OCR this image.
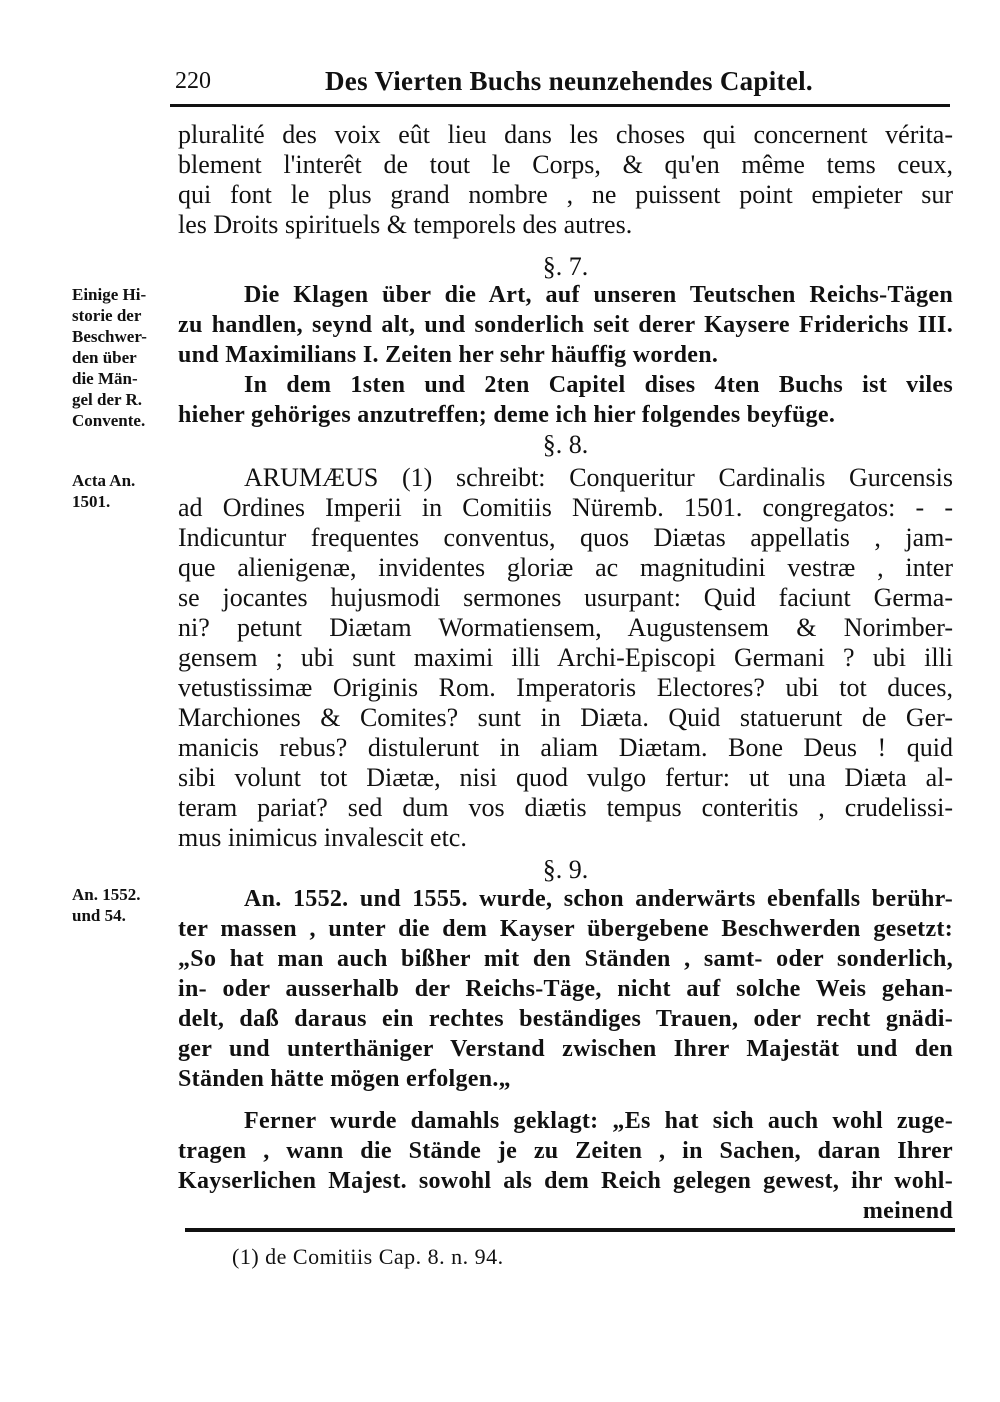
220	Des Vierten Buchs neunzehendes Capitel.
pluralité des voix eût lieu dans les choses qui concernent vérita-
blement l'interêt de tout le Corps, & qu'en même tems ceux,
qui font le plus grand nombre , ne puissent point empieter sur
les Droits spirituels & temporels des autres.
§. 7.
Die Klagen über die Art, auf unseren Teutschen Reichs-Tägen
zu handlen, seynd alt, und sonderlich seit derer Kaysere Friderichs III.
und Maximilians I. Zeiten her sehr häuffig worden.
In dem 1sten und 2ten Capitel dises 4ten Buchs ist viles
hieher gehöriges anzutreffen; deme ich hier folgendes beyfüge.
§. 8.
ARUMÆUS (1) schreibt: Conqueritur Cardinalis Gurcensis
ad Ordines Imperii in Comitiis Nüremb. 1501. congregatos: - -
Indicuntur frequentes conventus, quos Diætas appellatis , jam-
que alienigenæ, invidentes gloriæ ac magnitudini vestræ , inter
se jocantes hujusmodi sermones usurpant: Quid faciunt Germa-
ni? petunt Diætam Wormatiensem, Augustensem & Norimber-
gensem ; ubi sunt maximi illi Archi-Episcopi Germani ? ubi illi
vetustissimæ Originis Rom. Imperatoris Electores? ubi tot duces,
Marchiones & Comites? sunt in Diæta. Quid statuerunt de Ger-
manicis rebus? distulerunt in aliam Diætam. Bone Deus ! quid
sibi volunt tot Diætæ, nisi quod vulgo fertur: ut una Diæta al-
teram pariat? sed dum vos diætis tempus conteritis , crudelissi-
mus inimicus invalescit etc.
§. 9.
An. 1552. und 1555. wurde, schon anderwärts ebenfalls berühr-
ter massen , unter die dem Kayser übergebene Beschwerden gesetzt:
„So hat man auch bißher mit den Ständen , samt- oder sonderlich,
in- oder ausserhalb der Reichs-Täge, nicht auf solche Weis gehan-
delt, daß daraus ein rechtes beständiges Trauen, oder recht gnädi-
ger und unterthäniger Verstand zwischen Ihrer Majestät und den
Ständen hätte mögen erfolgen.„
Ferner wurde damahls geklagt: „Es hat sich auch wohl zuge-
tragen , wann die Stände je zu Zeiten , in Sachen, daran Ihrer
Kayserlichen Majest. sowohl als dem Reich gelegen gewest, ihr wohl-
meinend
Einige Hi-
storie der
Beschwer-
den über
die Män-
gel der R.
Convente.
Acta An.
1501.
An. 1552.
und 54.
(1) de Comitiis Cap. 8. n. 94.
